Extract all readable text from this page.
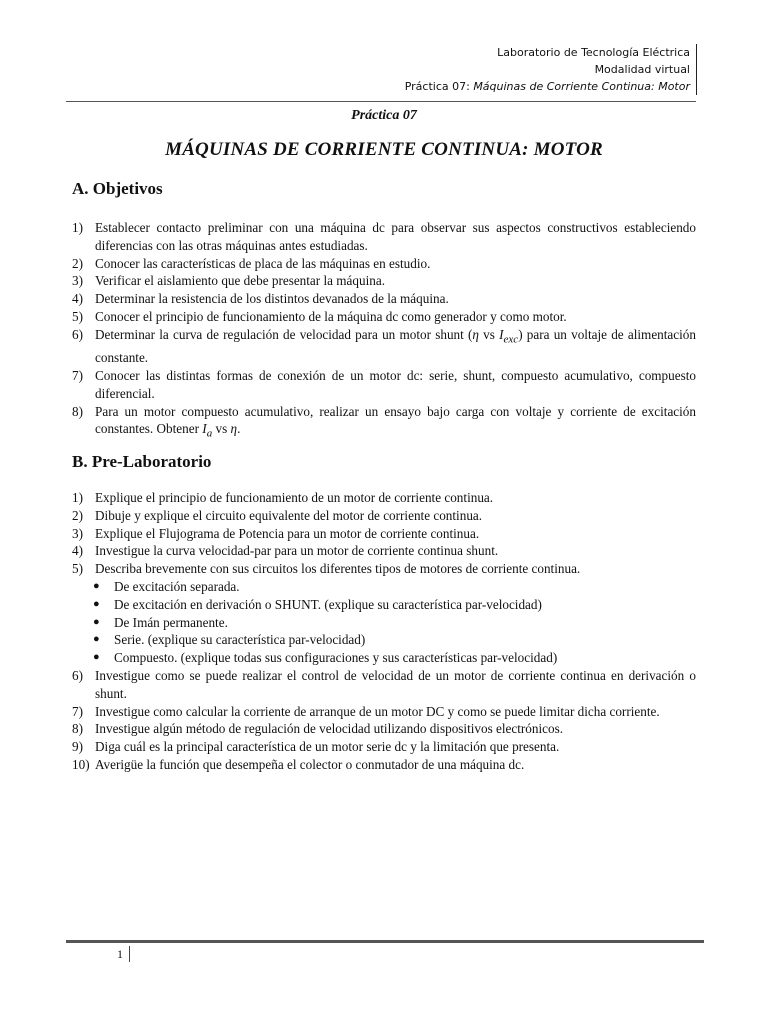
Laboratorio de Tecnología Eléctrica
Modalidad virtual
Práctica 07: Máquinas de Corriente Continua: Motor
Práctica 07
MÁQUINAS DE CORRIENTE CONTINUA: MOTOR
A. Objetivos
1) Establecer contacto preliminar con una máquina dc para observar sus aspectos constructivos estableciendo diferencias con las otras máquinas antes estudiadas.
2) Conocer las características de placa de las máquinas en estudio.
3) Verificar el aislamiento que debe presentar la máquina.
4) Determinar la resistencia de los distintos devanados de la máquina.
5) Conocer el principio de funcionamiento de la máquina dc como generador y como motor.
6) Determinar la curva de regulación de velocidad para un motor shunt (η vs $I_{exc}$) para un voltaje de alimentación constante.
7) Conocer las distintas formas de conexión de un motor dc: serie, shunt, compuesto acumulativo, compuesto diferencial.
8) Para un motor compuesto acumulativo, realizar un ensayo bajo carga con voltaje y corriente de excitación constantes. Obtener $I_a$ vs η.
B. Pre-Laboratorio
1) Explique el principio de funcionamiento de un motor de corriente continua.
2) Dibuje y explique el circuito equivalente del motor de corriente continua.
3) Explique el Flujograma de Potencia para un motor de corriente continua.
4) Investigue la curva velocidad-par para un motor de corriente continua shunt.
5) Describa brevemente con sus circuitos los diferentes tipos de motores de corriente continua.
●	De excitación separada.
●	De excitación en derivación o SHUNT. (explique su característica par-velocidad)
●	De Imán permanente.
●	Serie. (explique su característica par-velocidad)
●	Compuesto. (explique todas sus configuraciones y sus características par-velocidad)
6) Investigue como se puede realizar el control de velocidad de un motor de corriente continua en derivación o shunt.
7) Investigue como calcular la corriente de arranque de un motor DC y como se puede limitar dicha corriente.
8) Investigue algún método de regulación de velocidad utilizando dispositivos electrónicos.
9) Diga cuál es la principal característica de un motor serie dc y la limitación que presenta.
10) Averigüe la función que desempeña el colector o conmutador de una máquina dc.
1
